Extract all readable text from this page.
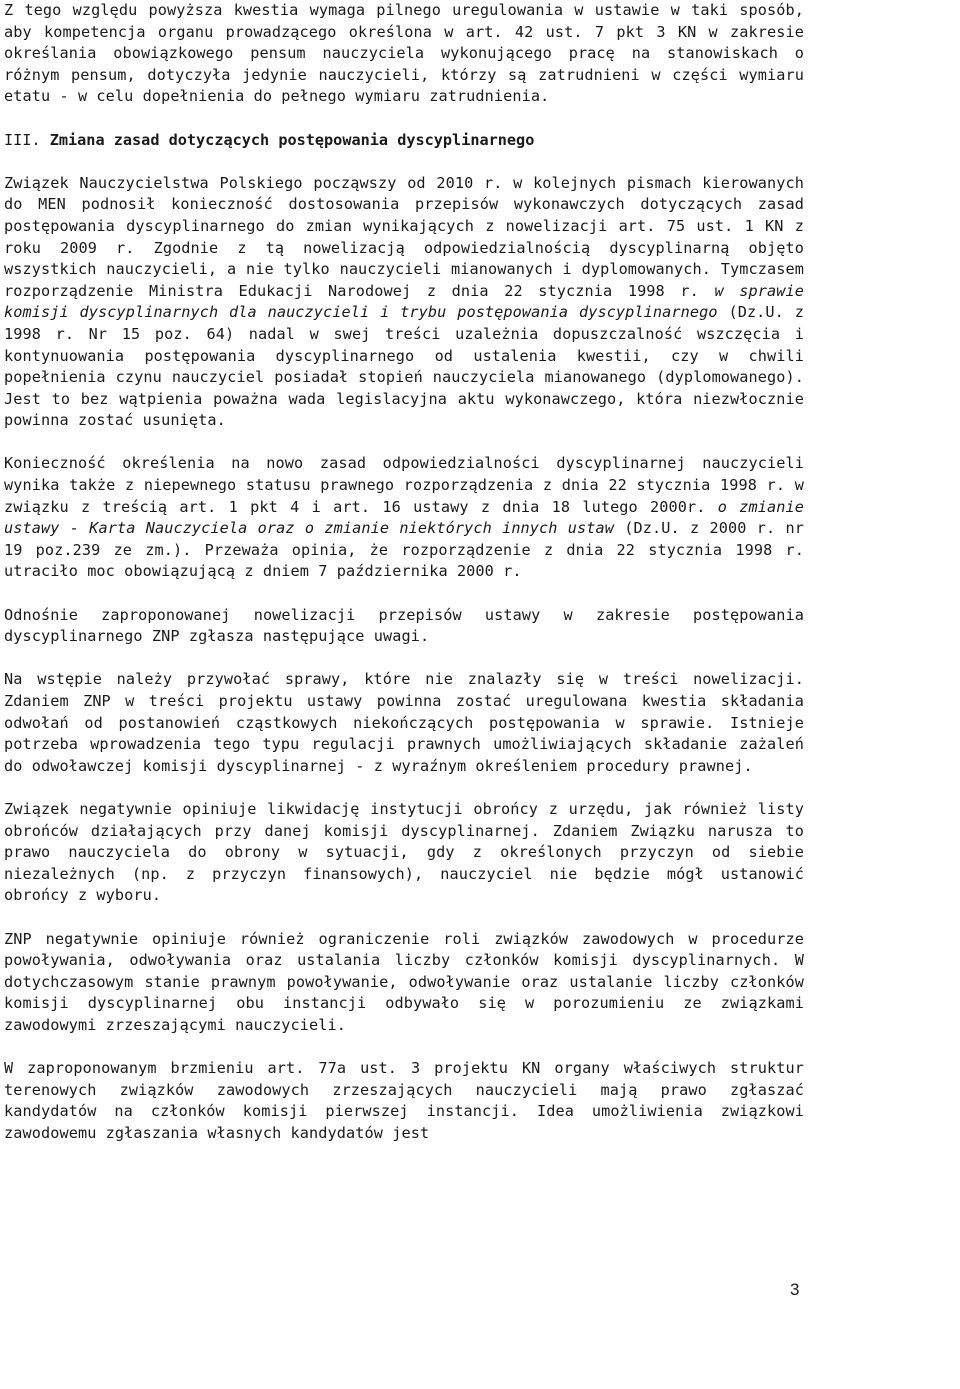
Z tego względu powyższa kwestia wymaga pilnego uregulowania w ustawie w taki sposób, aby kompetencja organu prowadzącego określona w art. 42 ust. 7 pkt 3 KN w zakresie określania obowiązkowego pensum nauczyciela wykonującego pracę na stanowiskach o różnym pensum, dotyczyła jedynie nauczycieli, którzy są zatrudnieni w części wymiaru etatu - w celu dopełnienia do pełnego wymiaru zatrudnienia.

III. Zmiana zasad dotyczących postępowania dyscyplinarnego

Związek Nauczycielstwa Polskiego począwszy od 2010 r. w kolejnych pismach kierowanych do MEN podnosił konieczność dostosowania przepisów wykonawczych dotyczących zasad postępowania dyscyplinarnego do zmian wynikających z nowelizacji art. 75 ust. 1 KN z roku 2009 r. Zgodnie z tą nowelizacją odpowiedzialnością dyscyplinarną objęto wszystkich nauczycieli, a nie tylko nauczycieli mianowanych i dyplomowanych. Tymczasem rozporządzenie Ministra Edukacji Narodowej z dnia 22 stycznia 1998 r. w sprawie komisji dyscyplinarnych dla nauczycieli i trybu postępowania dyscyplinarnego (Dz.U. z 1998 r. Nr 15 poz. 64) nadal w swej treści uzależnia dopuszczalność wszczęcia i kontynuowania postępowania dyscyplinarnego od ustalenia kwestii, czy w chwili popełnienia czynu nauczyciel posiadał stopień nauczyciela mianowanego (dyplomowanego). Jest to bez wątpienia poważna wada legislacyjna aktu wykonawczego, która niezwłocznie powinna zostać usunięta.

Konieczność określenia na nowo zasad odpowiedzialności dyscyplinarnej nauczycieli wynika także z niepewnego statusu prawnego rozporządzenia z dnia 22 stycznia 1998 r. w związku z treścią art. 1 pkt 4 i art. 16 ustawy z dnia 18 lutego 2000r. o zmianie ustawy - Karta Nauczyciela oraz o zmianie niektórych innych ustaw (Dz.U. z 2000 r. nr 19 poz.239 ze zm.). Przeważa opinia, że rozporządzenie z dnia 22 stycznia 1998 r. utraciło moc obowiązującą z dniem 7 października 2000 r.

Odnośnie zaproponowanej nowelizacji przepisów ustawy w zakresie postępowania dyscyplinarnego ZNP zgłasza następujące uwagi.

Na wstępie należy przywołać sprawy, które nie znalazły się w treści nowelizacji. Zdaniem ZNP w treści projektu ustawy powinna zostać uregulowana kwestia składania odwołań od postanowień cząstkowych niekończących postępowania w sprawie. Istnieje potrzeba wprowadzenia tego typu regulacji prawnych umożliwiających składanie zażaleń do odwoławczej komisji dyscyplinarnej - z wyraźnym określeniem procedury prawnej.

Związek negatywnie opiniuje likwidację instytucji obrońcy z urzędu, jak również listy obrońców działających przy danej komisji dyscyplinarnej. Zdaniem Związku narusza to prawo nauczyciela do obrony w sytuacji, gdy z określonych przyczyn od siebie niezależnych (np. z przyczyn finansowych), nauczyciel nie będzie mógł ustanowić obrońcy z wyboru.

ZNP negatywnie opiniuje również ograniczenie roli związków zawodowych w procedurze powoływania, odwoływania oraz ustalania liczby członków komisji dyscyplinarnych. W dotychczasowym stanie prawnym powoływanie, odwoływanie oraz ustalanie liczby członków komisji dyscyplinarnej obu instancji odbywało się w porozumieniu ze związkami zawodowymi zrzeszającymi nauczycieli.

W zaproponowanym brzmieniu art. 77a ust. 3 projektu KN organy właściwych struktur terenowych związków zawodowych zrzeszających nauczycieli mają prawo zgłaszać kandydatów na członków komisji pierwszej instancji. Idea umożliwienia związkowi zawodowemu zgłaszania własnych kandydatów jest

3
